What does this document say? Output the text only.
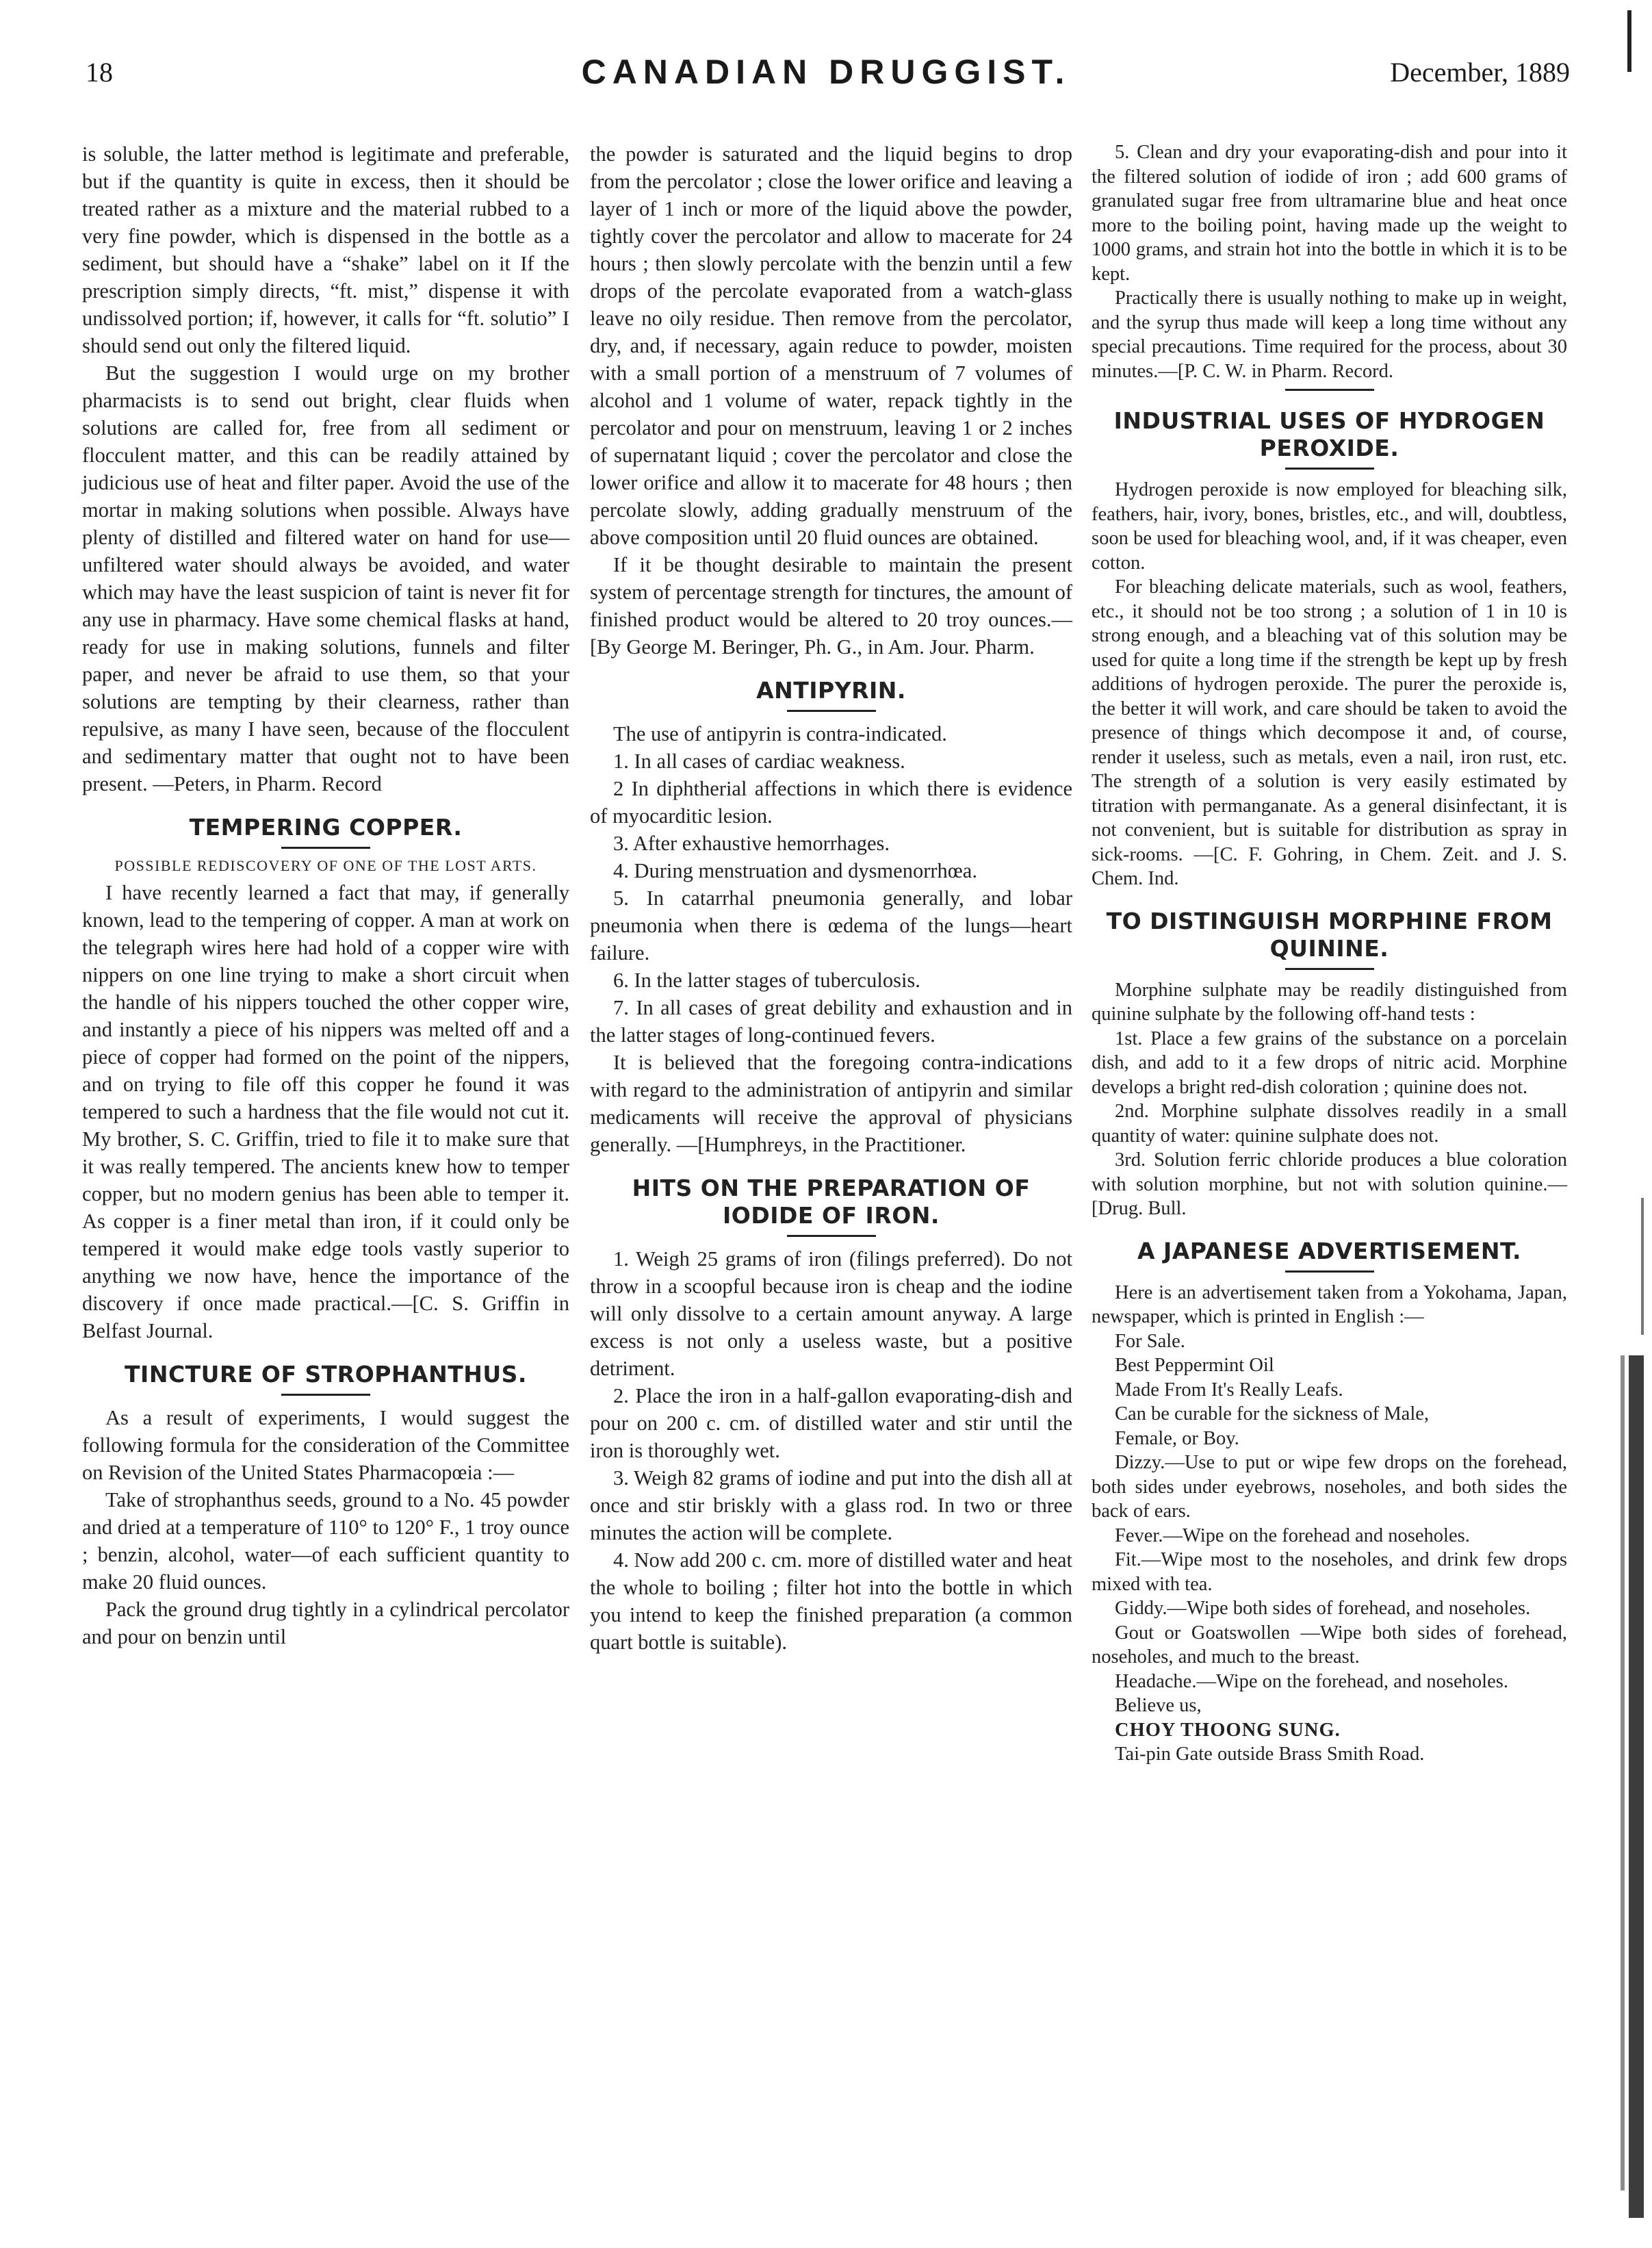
18	CANADIAN DRUGGIST.	December, 1889

is soluble, the latter method is legitimate and preferable, but if the quantity is quite in excess, then it should be treated rather as a mixture and the material rubbed to a very fine powder, which is dispensed in the bottle as a sediment, but should have a “shake” label on it If the prescription simply directs, “ft. mist,” dispense it with undissolved portion; if, however, it calls for “ft. solutio” I should send out only the filtered liquid.

But the suggestion I would urge on my brother pharmacists is to send out bright, clear fluids when solutions are called for, free from all sediment or flocculent matter, and this can be readily attained by judicious use of heat and filter paper. Avoid the use of the mortar in making solutions when possible. Always have plenty of distilled and filtered water on hand for use—unfiltered water should always be avoided, and water which may have the least suspicion of taint is never fit for any use in pharmacy. Have some chemical flasks at hand, ready for use in making solutions, funnels and filter paper, and never be afraid to use them, so that your solutions are tempting by their clearness, rather than repulsive, as many I have seen, because of the flocculent and sedimentary matter that ought not to have been present. —Peters, in Pharm. Record

TEMPERING COPPER.
POSSIBLE REDISCOVERY OF ONE OF THE LOST ARTS.

I have recently learned a fact that may, if generally known, lead to the tempering of copper. A man at work on the telegraph wires here had hold of a copper wire with nippers on one line trying to make a short circuit when the handle of his nippers touched the other copper wire, and instantly a piece of his nippers was melted off and a piece of copper had formed on the point of the nippers, and on trying to file off this copper he found it was tempered to such a hardness that the file would not cut it. My brother, S. C. Griffin, tried to file it to make sure that it was really tempered. The ancients knew how to temper copper, but no modern genius has been able to temper it. As copper is a finer metal than iron, if it could only be tempered it would make edge tools vastly superior to anything we now have, hence the importance of the discovery if once made practical.—[C. S. Griffin in Belfast Journal.

TINCTURE OF STROPHANTHUS.

As a result of experiments, I would suggest the following formula for the consideration of the Committee on Revision of the United States Pharmacopœia :—

Take of strophanthus seeds, ground to a No. 45 powder and dried at a temperature of 110° to 120° F., 1 troy ounce ; benzin, alcohol, water—of each sufficient quantity to make 20 fluid ounces.

Pack the ground drug tightly in a cylindrical percolator and pour on benzin until

the powder is saturated and the liquid begins to drop from the percolator ; close the lower orifice and leaving a layer of 1 inch or more of the liquid above the powder, tightly cover the percolator and allow to macerate for 24 hours ; then slowly percolate with the benzin until a few drops of the percolate evaporated from a watch-glass leave no oily residue. Then remove from the percolator, dry, and, if necessary, again reduce to powder, moisten with a small portion of a menstruum of 7 volumes of alcohol and 1 volume of water, repack tightly in the percolator and pour on menstruum, leaving 1 or 2 inches of supernatant liquid ; cover the percolator and close the lower orifice and allow it to macerate for 48 hours ; then percolate slowly, adding gradually menstruum of the above composition until 20 fluid ounces are obtained.

If it be thought desirable to maintain the present system of percentage strength for tinctures, the amount of finished product would be altered to 20 troy ounces.—[By George M. Beringer, Ph. G., in Am. Jour. Pharm.

ANTIPYRIN.

The use of antipyrin is contra-indicated.

1. In all cases of cardiac weakness.

2 In diphtherial affections in which there is evidence of myocarditic lesion.

3. After exhaustive hemorrhages.

4. During menstruation and dysmenorrhœa.

5. In catarrhal pneumonia generally, and lobar pneumonia when there is œdema of the lungs—heart failure.

6. In the latter stages of tuberculosis.

7. In all cases of great debility and exhaustion and in the latter stages of long-continued fevers.

It is believed that the foregoing contra-indications with regard to the administration of antipyrin and similar medicaments will receive the approval of physicians generally. —[Humphreys, in the Practitioner.

HITS ON THE PREPARATION OF IODIDE OF IRON.

1. Weigh 25 grams of iron (filings preferred). Do not throw in a scoopful because iron is cheap and the iodine will only dissolve to a certain amount anyway. A large excess is not only a useless waste, but a positive detriment.

2. Place the iron in a half-gallon evaporating-dish and pour on 200 c. cm. of distilled water and stir until the iron is thoroughly wet.

3. Weigh 82 grams of iodine and put into the dish all at once and stir briskly with a glass rod. In two or three minutes the action will be complete.

4. Now add 200 c. cm. more of distilled water and heat the whole to boiling ; filter hot into the bottle in which you intend to keep the finished preparation (a common quart bottle is suitable).

5. Clean and dry your evaporating-dish and pour into it the filtered solution of iodide of iron ; add 600 grams of granulated sugar free from ultramarine blue and heat once more to the boiling point, having made up the weight to 1000 grams, and strain hot into the bottle in which it is to be kept.

Practically there is usually nothing to make up in weight, and the syrup thus made will keep a long time without any special precautions. Time required for the process, about 30 minutes.—[P. C. W. in Pharm. Record.

INDUSTRIAL USES OF HYDROGEN PEROXIDE.

Hydrogen peroxide is now employed for bleaching silk, feathers, hair, ivory, bones, bristles, etc., and will, doubtless, soon be used for bleaching wool, and, if it was cheaper, even cotton.

For bleaching delicate materials, such as wool, feathers, etc., it should not be too strong ; a solution of 1 in 10 is strong enough, and a bleaching vat of this solution may be used for quite a long time if the strength be kept up by fresh additions of hydrogen peroxide. The purer the peroxide is, the better it will work, and care should be taken to avoid the presence of things which decompose it and, of course, render it useless, such as metals, even a nail, iron rust, etc. The strength of a solution is very easily estimated by titration with permanganate. As a general disinfectant, it is not convenient, but is suitable for distribution as spray in sick-rooms. —[C. F. Gohring, in Chem. Zeit. and J. S. Chem. Ind.

TO DISTINGUISH MORPHINE FROM QUININE.

Morphine sulphate may be readily distinguished from quinine sulphate by the following off-hand tests :

1st. Place a few grains of the substance on a porcelain dish, and add to it a few drops of nitric acid. Morphine develops a bright red-dish coloration ; quinine does not.

2nd. Morphine sulphate dissolves readily in a small quantity of water: quinine sulphate does not.

3rd. Solution ferric chloride produces a blue coloration with solution morphine, but not with solution quinine.—[Drug. Bull.

A JAPANESE ADVERTISEMENT.

Here is an advertisement taken from a Yokohama, Japan, newspaper, which is printed in English :—

For Sale.

Best Peppermint Oil

Made From It's Really Leafs.

Can be curable for the sickness of Male,

Female, or Boy.

Dizzy.—Use to put or wipe few drops on the forehead, both sides under eyebrows, noseholes, and both sides the back of ears.

Fever.—Wipe on the forehead and noseholes.

Fit.—Wipe most to the noseholes, and drink few drops mixed with tea.

Giddy.—Wipe both sides of forehead, and noseholes.

Gout or Goatswollen —Wipe both sides of forehead, noseholes, and much to the breast.

Headache.—Wipe on the forehead, and noseholes.

Believe us,

CHOY THOONG SUNG.

Tai-pin Gate outside Brass Smith Road.
